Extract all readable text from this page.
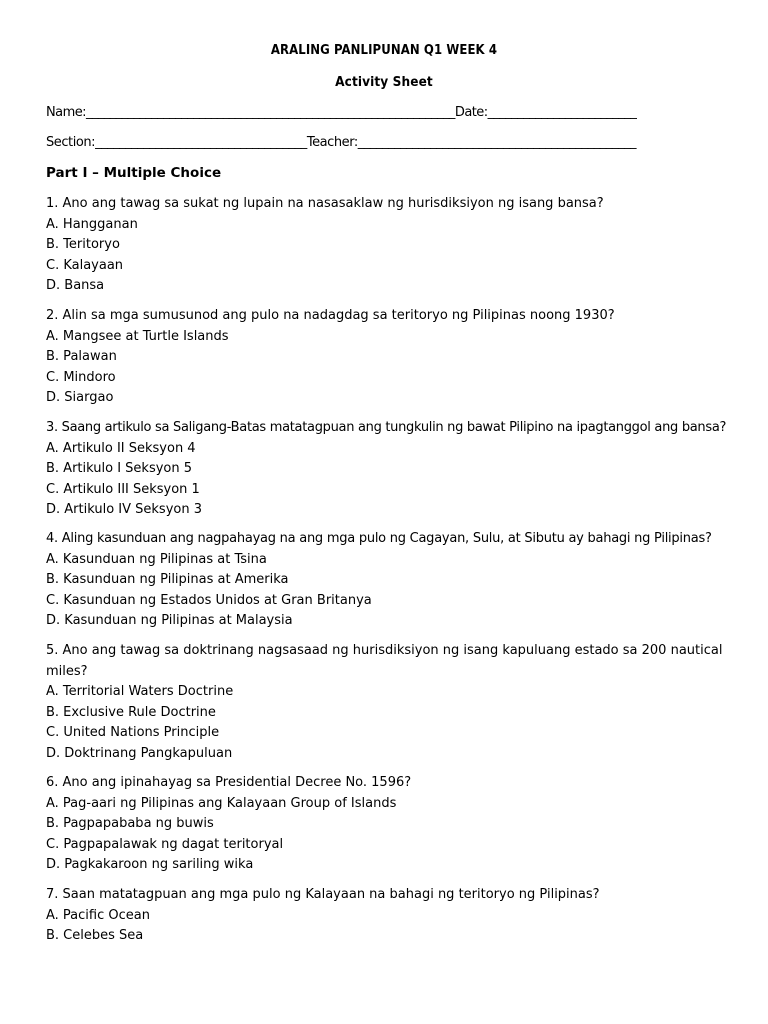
ARALING PANLIPUNAN Q1 WEEK 4
Activity Sheet
Name:______________________________________________________________Date:_________________________
Section:___________________________________Teacher:______________________________________________
Part I – Multiple Choice
1. Ano ang tawag sa sukat ng lupain na nasasaklaw ng hurisdiksiyon ng isang bansa?
A. Hangganan
B. Teritoryo
C. Kalayaan
D. Bansa
2. Alin sa mga sumusunod ang pulo na nadagdag sa teritoryo ng Pilipinas noong 1930?
A. Mangsee at Turtle Islands
B. Palawan
C. Mindoro
D. Siargao
3. Saang artikulo sa Saligang-Batas matatagpuan ang tungkulin ng bawat Pilipino na ipagtanggol ang bansa?
A. Artikulo II Seksyon 4
B. Artikulo I Seksyon 5
C. Artikulo III Seksyon 1
D. Artikulo IV Seksyon 3
4. Aling kasunduan ang nagpahayag na ang mga pulo ng Cagayan, Sulu, at Sibutu ay bahagi ng Pilipinas?
A. Kasunduan ng Pilipinas at Tsina
B. Kasunduan ng Pilipinas at Amerika
C. Kasunduan ng Estados Unidos at Gran Britanya
D. Kasunduan ng Pilipinas at Malaysia
5. Ano ang tawag sa doktrinang nagsasaad ng hurisdiksiyon ng isang kapuluang estado sa 200 nautical miles?
A. Territorial Waters Doctrine
B. Exclusive Rule Doctrine
C. United Nations Principle
D. Doktrinang Pangkapuluan
6. Ano ang ipinahayag sa Presidential Decree No. 1596?
A. Pag-aari ng Pilipinas ang Kalayaan Group of Islands
B. Pagpapababa ng buwis
C. Pagpapalawak ng dagat teritoryal
D. Pagkakaroon ng sariling wika
7. Saan matatagpuan ang mga pulo ng Kalayaan na bahagi ng teritoryo ng Pilipinas?
A. Pacific Ocean
B. Celebes Sea
